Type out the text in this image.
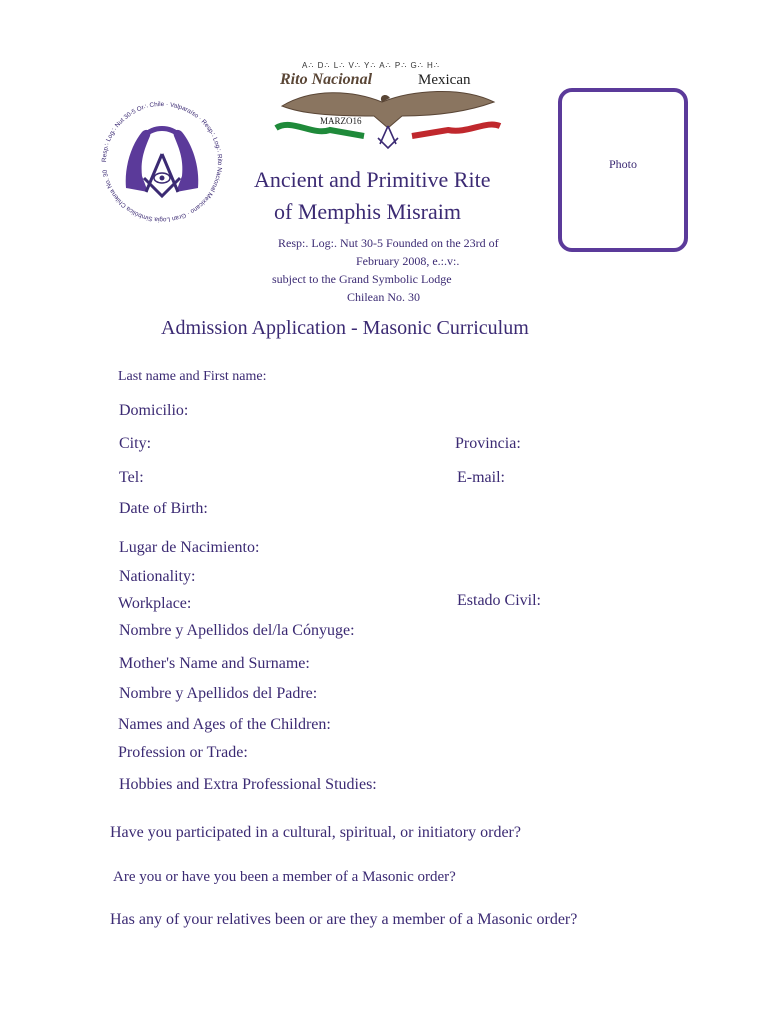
Resp∴ Log∴ Nut 30-5 Or∴ Chile · Valparaíso · Resp∴ Log∴ Rito Nacional Mexicano · Gran Logia Simbólica Chilena No. 30
A∴ D∴ L∴ V∴ Y∴ A∴ P∴ G∴ H∴
Rito Nacional	Mexican
MARZO16
Photo
Ancient and Primitive Rite
of Memphis Misraim
Resp:. Log:. Nut 30-5 Founded on the 23rd of
February 2008, e.:.v:.
subject to the Grand Symbolic Lodge
Chilean No. 30
Admission Application - Masonic Curriculum
Last name and First name:
Domicilio:
City:	Provincia:
Tel:	E-mail:
Date of Birth:
Lugar de Nacimiento:
Nationality:
Workplace:	Estado Civil:
Nombre y Apellidos del/la Cónyuge:
Mother's Name and Surname:
Nombre y Apellidos del Padre:
Names and Ages of the Children:
Profession or Trade:
Hobbies and Extra Professional Studies:
Have you participated in a cultural, spiritual, or initiatory order?
Are you or have you been a member of a Masonic order?
Has any of your relatives been or are they a member of a Masonic order?
